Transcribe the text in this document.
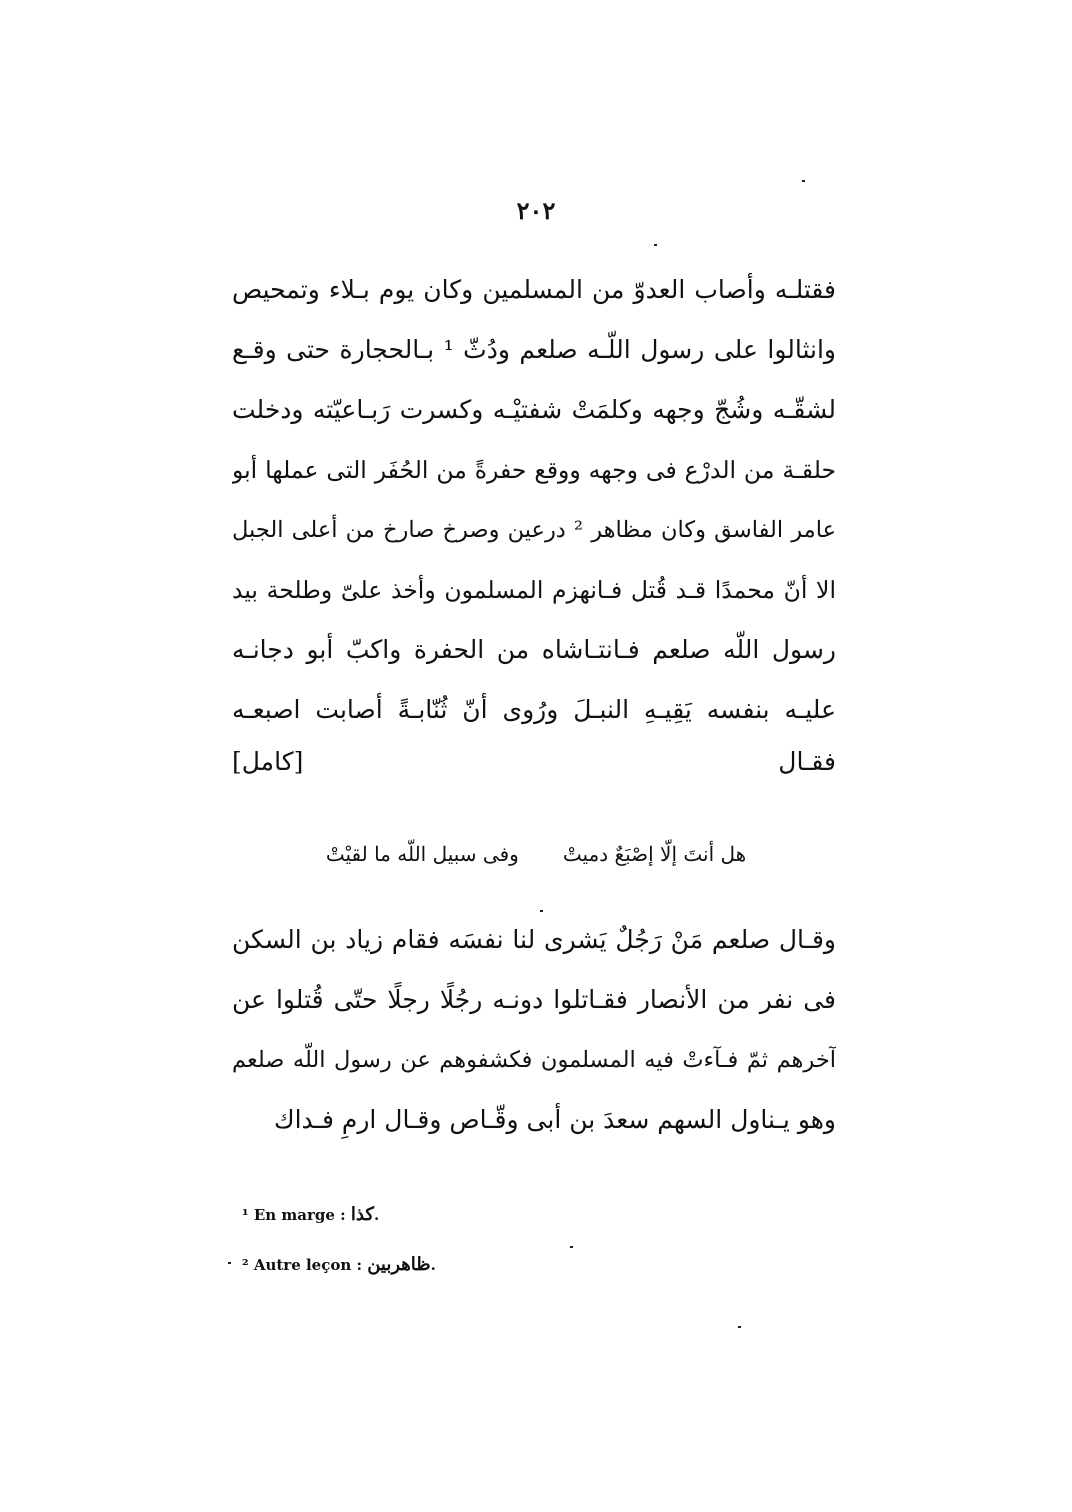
٢٠٢
فقتلـه وأصاب العدوّ من المسلمين وكان يوم بـلاء وتمحيص
وانثالوا على رسول اللّـه صلعم ودُثّ ¹ بـالحجارة حتى وقـع
لشقّـه وشُجّ وجهه وكلمَتْ شفتيْـه وكسرت رَبـاعيّته ودخلت
حلقـة من الدرْع فى وجهه ووقع حفرةً من الحُفَر التى عملها أبو
عامر الفاسق وكان مظاهر ² درعين وصرخ صارخ من أعلى الجبل
الا أنّ محمدًا قـد قُتل فـانهزم المسلمون وأخذ علىّ وطلحة بيد
رسول اللّه صلعم فـانتـاشاه من الحفرة واكبّ أبو دجانـه
عليـه بنفسه يَقِيـهِ النبـلَ ورُوى أنّ ثُنّابـةً أصابت اصبعـه
فقـال
[كامل]
هل أنتَ إلّا إصْبَعٌ دميتْوفى سبيل اللّه ما لقيْتْ
وقـال صلعم مَنْ رَجُلٌ يَشرى لنا نفسَه فقام زياد بن السكن
فى نفر من الأنصار فقـاتلوا دونـه رجُلًا رجلًا حتّى قُتلوا عن
آخرهم ثمّ فـآءتْ فيه المسلمون فكشفوهم عن رسول اللّه صلعم
وهو يـناول السهم سعدَ بن أبى وقّـاص وقـال ارمِ فـداك
¹ En marge : كذا.
² Autre leçon : ظاهربين.
